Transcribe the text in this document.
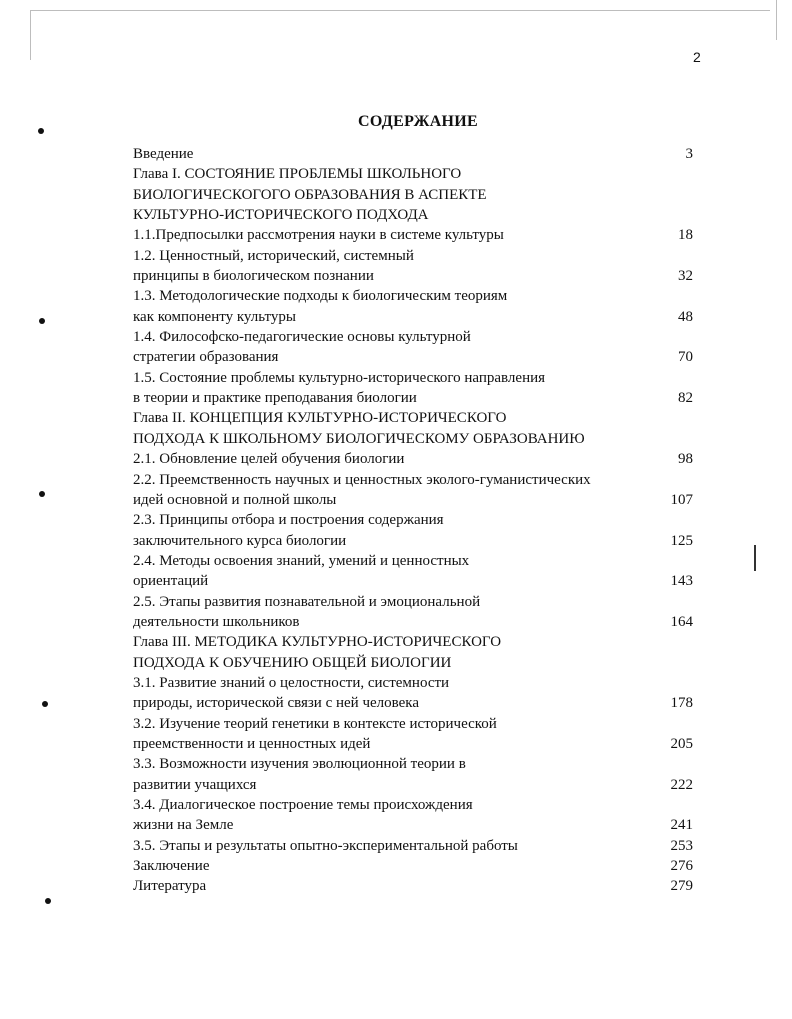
2
СОДЕРЖАНИЕ
Введение	3
Глава I. СОСТОЯНИЕ ПРОБЛЕМЫ ШКОЛЬНОГО
БИОЛОГИЧЕСКОГОГО ОБРАЗОВАНИЯ В АСПЕКТЕ
КУЛЬТУРНО-ИСТОРИЧЕСКОГО ПОДХОДА
1.1.Предпосылки рассмотрения науки в системе культуры	18
1.2. Ценностный, исторический, системный
принципы в биологическом познании	32
1.3. Методологические подходы к биологическим теориям
как компоненту культуры	48
1.4. Философско-педагогические основы культурной
стратегии образования	70
1.5. Состояние проблемы культурно-исторического направления
в теории и практике преподавания биологии	82
Глава II. КОНЦЕПЦИЯ КУЛЬТУРНО-ИСТОРИЧЕСКОГО
ПОДХОДА К ШКОЛЬНОМУ БИОЛОГИЧЕСКОМУ ОБРАЗОВАНИЮ
2.1. Обновление целей обучения биологии	98
2.2. Преемственность научных и ценностных эколого-гуманистических
идей основной и полной школы	107
2.3. Принципы отбора и построения содержания
заключительного курса биологии	125
2.4. Методы освоения знаний, умений и ценностных
ориентаций	143
2.5. Этапы развития познавательной и эмоциональной
деятельности школьников	164
Глава III. МЕТОДИКА КУЛЬТУРНО-ИСТОРИЧЕСКОГО
ПОДХОДА К ОБУЧЕНИЮ ОБЩЕЙ БИОЛОГИИ
3.1. Развитие знаний о целостности, системности
природы, исторической связи с ней человека	178
3.2. Изучение теорий генетики в контексте исторической
преемственности и ценностных идей	205
3.3. Возможности изучения эволюционной теории в
развитии учащихся	222
3.4. Диалогическое построение темы происхождения
жизни на Земле	241
3.5. Этапы и результаты опытно-экспериментальной работы	253
Заключение	276
Литература	279
